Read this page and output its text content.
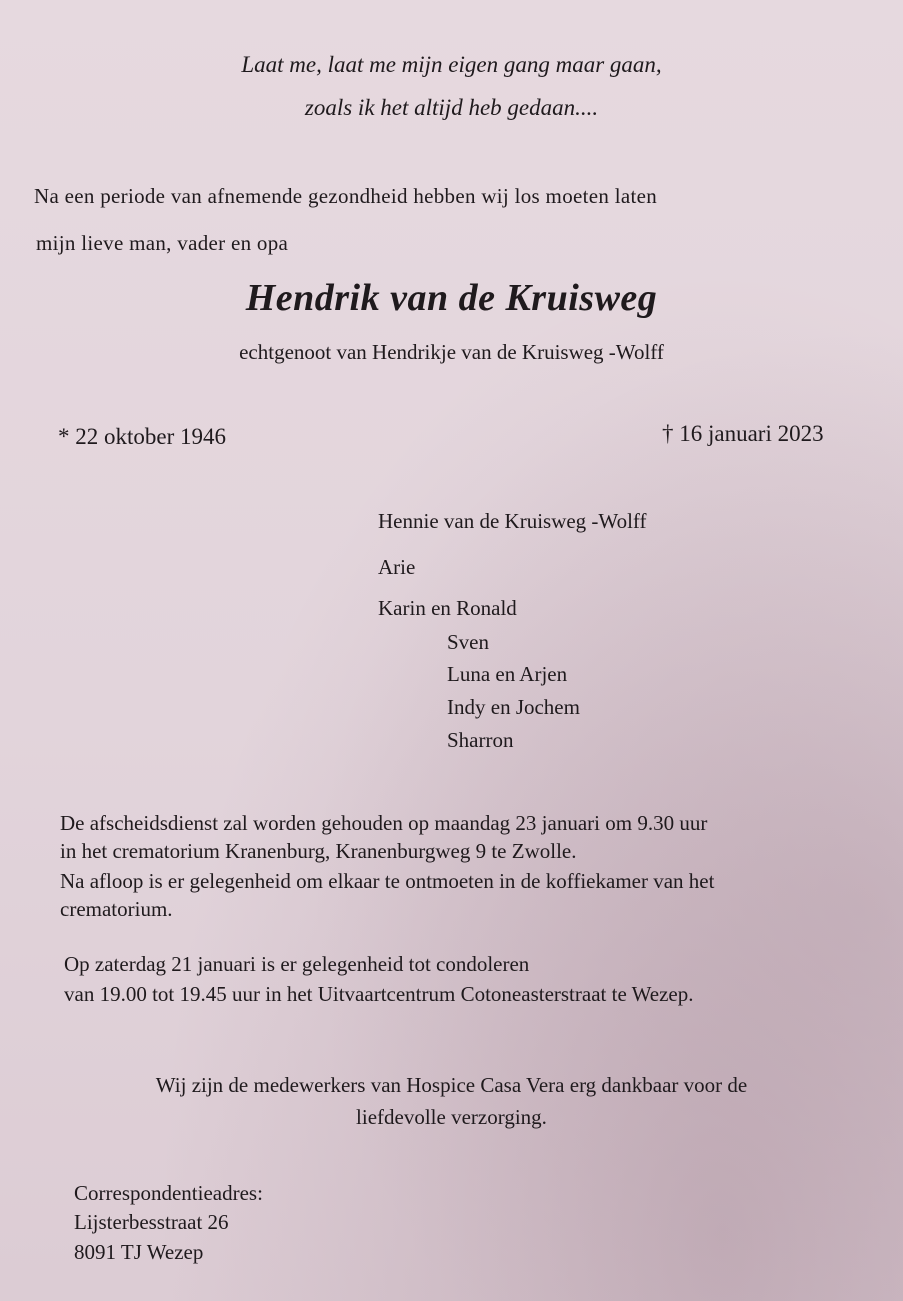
Laat me, laat me mijn eigen gang maar gaan,
zoals ik het altijd heb gedaan....
Na een periode van afnemende gezondheid hebben wij los moeten laten
mijn lieve man, vader en opa
Hendrik van de Kruisweg
echtgenoot van Hendrikje van de Kruisweg -Wolff
* 22 oktober 1946	† 16 januari 2023
Hennie van de Kruisweg -Wolff
Arie
Karin en Ronald
Sven
Luna en Arjen
Indy en Jochem
Sharron
De afscheidsdienst zal worden gehouden op maandag 23 januari om 9.30 uur
in het crematorium Kranenburg, Kranenburgweg 9 te Zwolle.
Na afloop is er gelegenheid om elkaar te ontmoeten in de koffiekamer van het
crematorium.
Op zaterdag 21 januari is er gelegenheid tot condoleren
van 19.00 tot 19.45 uur in het Uitvaartcentrum Cotoneasterstraat te Wezep.
Wij zijn de medewerkers van Hospice Casa Vera erg dankbaar voor de
liefdevolle verzorging.
Correspondentieadres:
Lijsterbesstraat 26
8091 TJ Wezep
